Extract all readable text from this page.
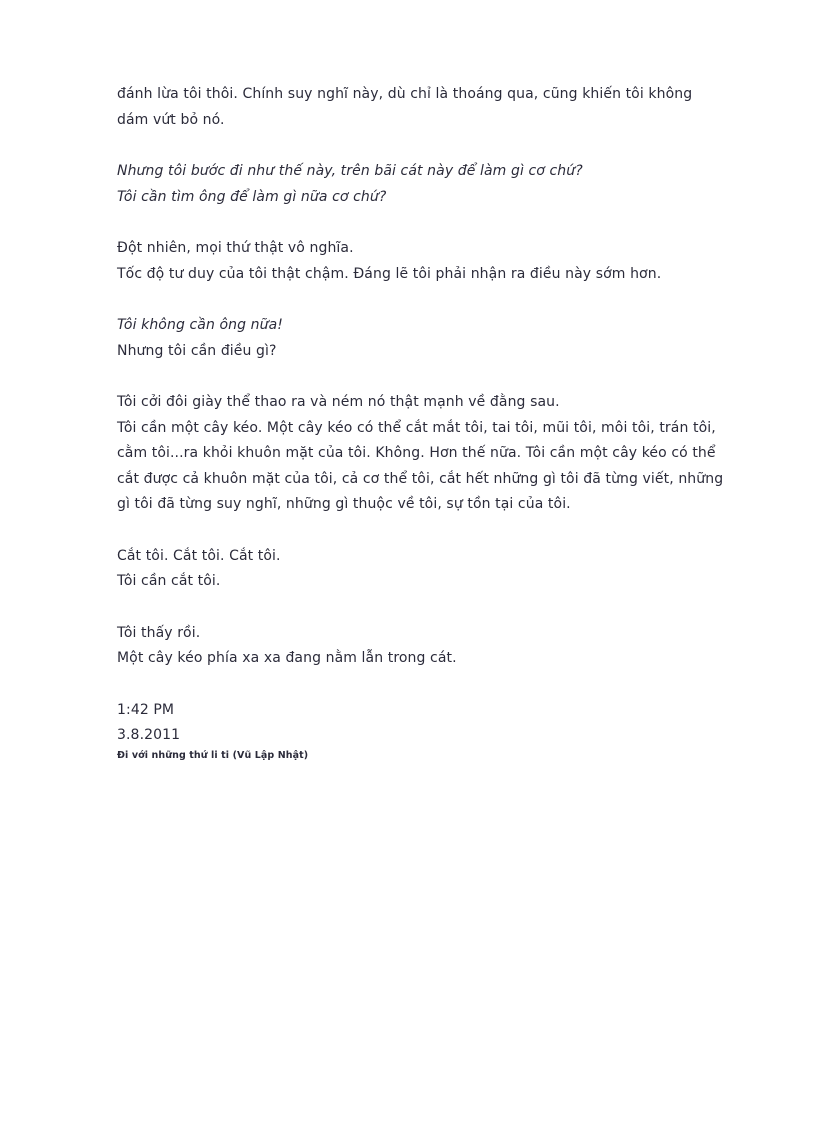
đánh lừa tôi thôi. Chính suy nghĩ này, dù chỉ là thoáng qua, cũng khiến tôi không

dám vứt bỏ nó.

Nhưng tôi bước đi như thế này, trên bãi cát này để làm gì cơ chứ?

Tôi cần tìm ông để làm gì nữa cơ chứ?

Đột nhiên, mọi thứ thật vô nghĩa.

Tốc độ tư duy của tôi thật chậm. Đáng lẽ tôi phải nhận ra điều này sớm hơn.

Tôi không cần ông nữa!

Nhưng tôi cần điều gì?

Tôi cởi đôi giày thể thao ra và ném nó thật mạnh về đằng sau.

Tôi cần một cây kéo. Một cây kéo có thể cắt mắt tôi, tai tôi, mũi tôi, môi tôi, trán tôi,

cằm tôi...ra khỏi khuôn mặt của tôi. Không. Hơn thế nữa. Tôi cần một cây kéo có thể

cắt được cả khuôn mặt của tôi, cả cơ thể tôi, cắt hết những gì tôi đã từng viết, những

gì tôi đã từng suy nghĩ, những gì thuộc về tôi, sự tồn tại của tôi.

Cắt tôi. Cắt tôi. Cắt tôi.

Tôi cần cắt tôi.

Tôi thấy rồi.

Một cây kéo phía xa xa đang nằm lẫn trong cát.

1:42 PM

3.8.2011

Đi với những thứ li ti (Vũ Lập Nhật)
